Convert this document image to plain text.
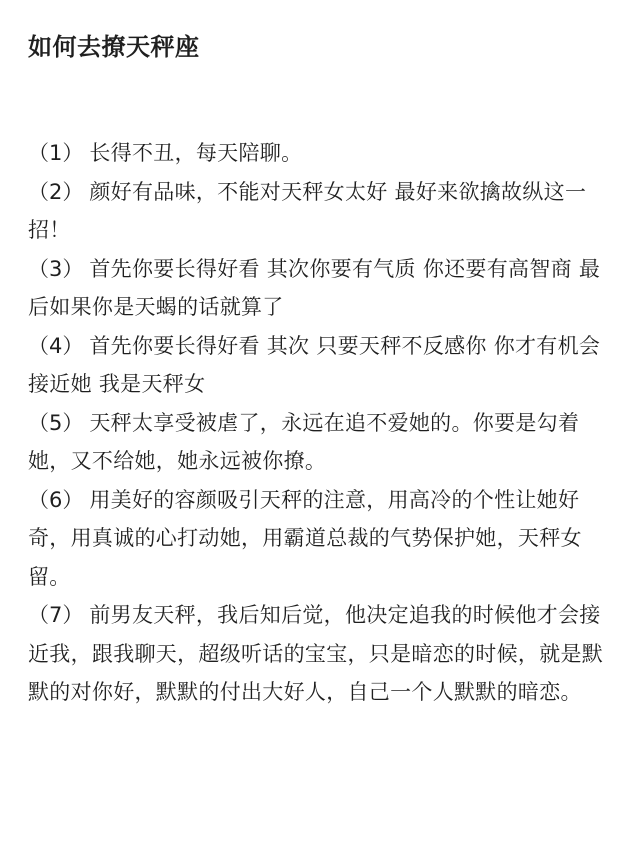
如何去撩天秤座

（1） 长得不丑，每天陪聊。

（2） 颜好有品味，不能对天秤女太好 最好来欲擒故纵这一招！

（3） 首先你要长得好看 其次你要有气质 你还要有高智商 最后如果你是天蝎的话就算了

（4） 首先你要长得好看 其次 只要天秤不反感你 你才有机会接近她 我是天秤女

（5） 天秤太享受被虐了，永远在追不爱她的。你要是勾着她，又不给她，她永远被你撩。

（6） 用美好的容颜吸引天秤的注意，用高冷的个性让她好奇，用真诚的心打动她，用霸道总裁的气势保护她，天秤女留。

（7） 前男友天秤，我后知后觉，他决定追我的时候他才会接近我，跟我聊天，超级听话的宝宝，只是暗恋的时候，就是默默的对你好，默默的付出大好人，自己一个人默默的暗恋。
